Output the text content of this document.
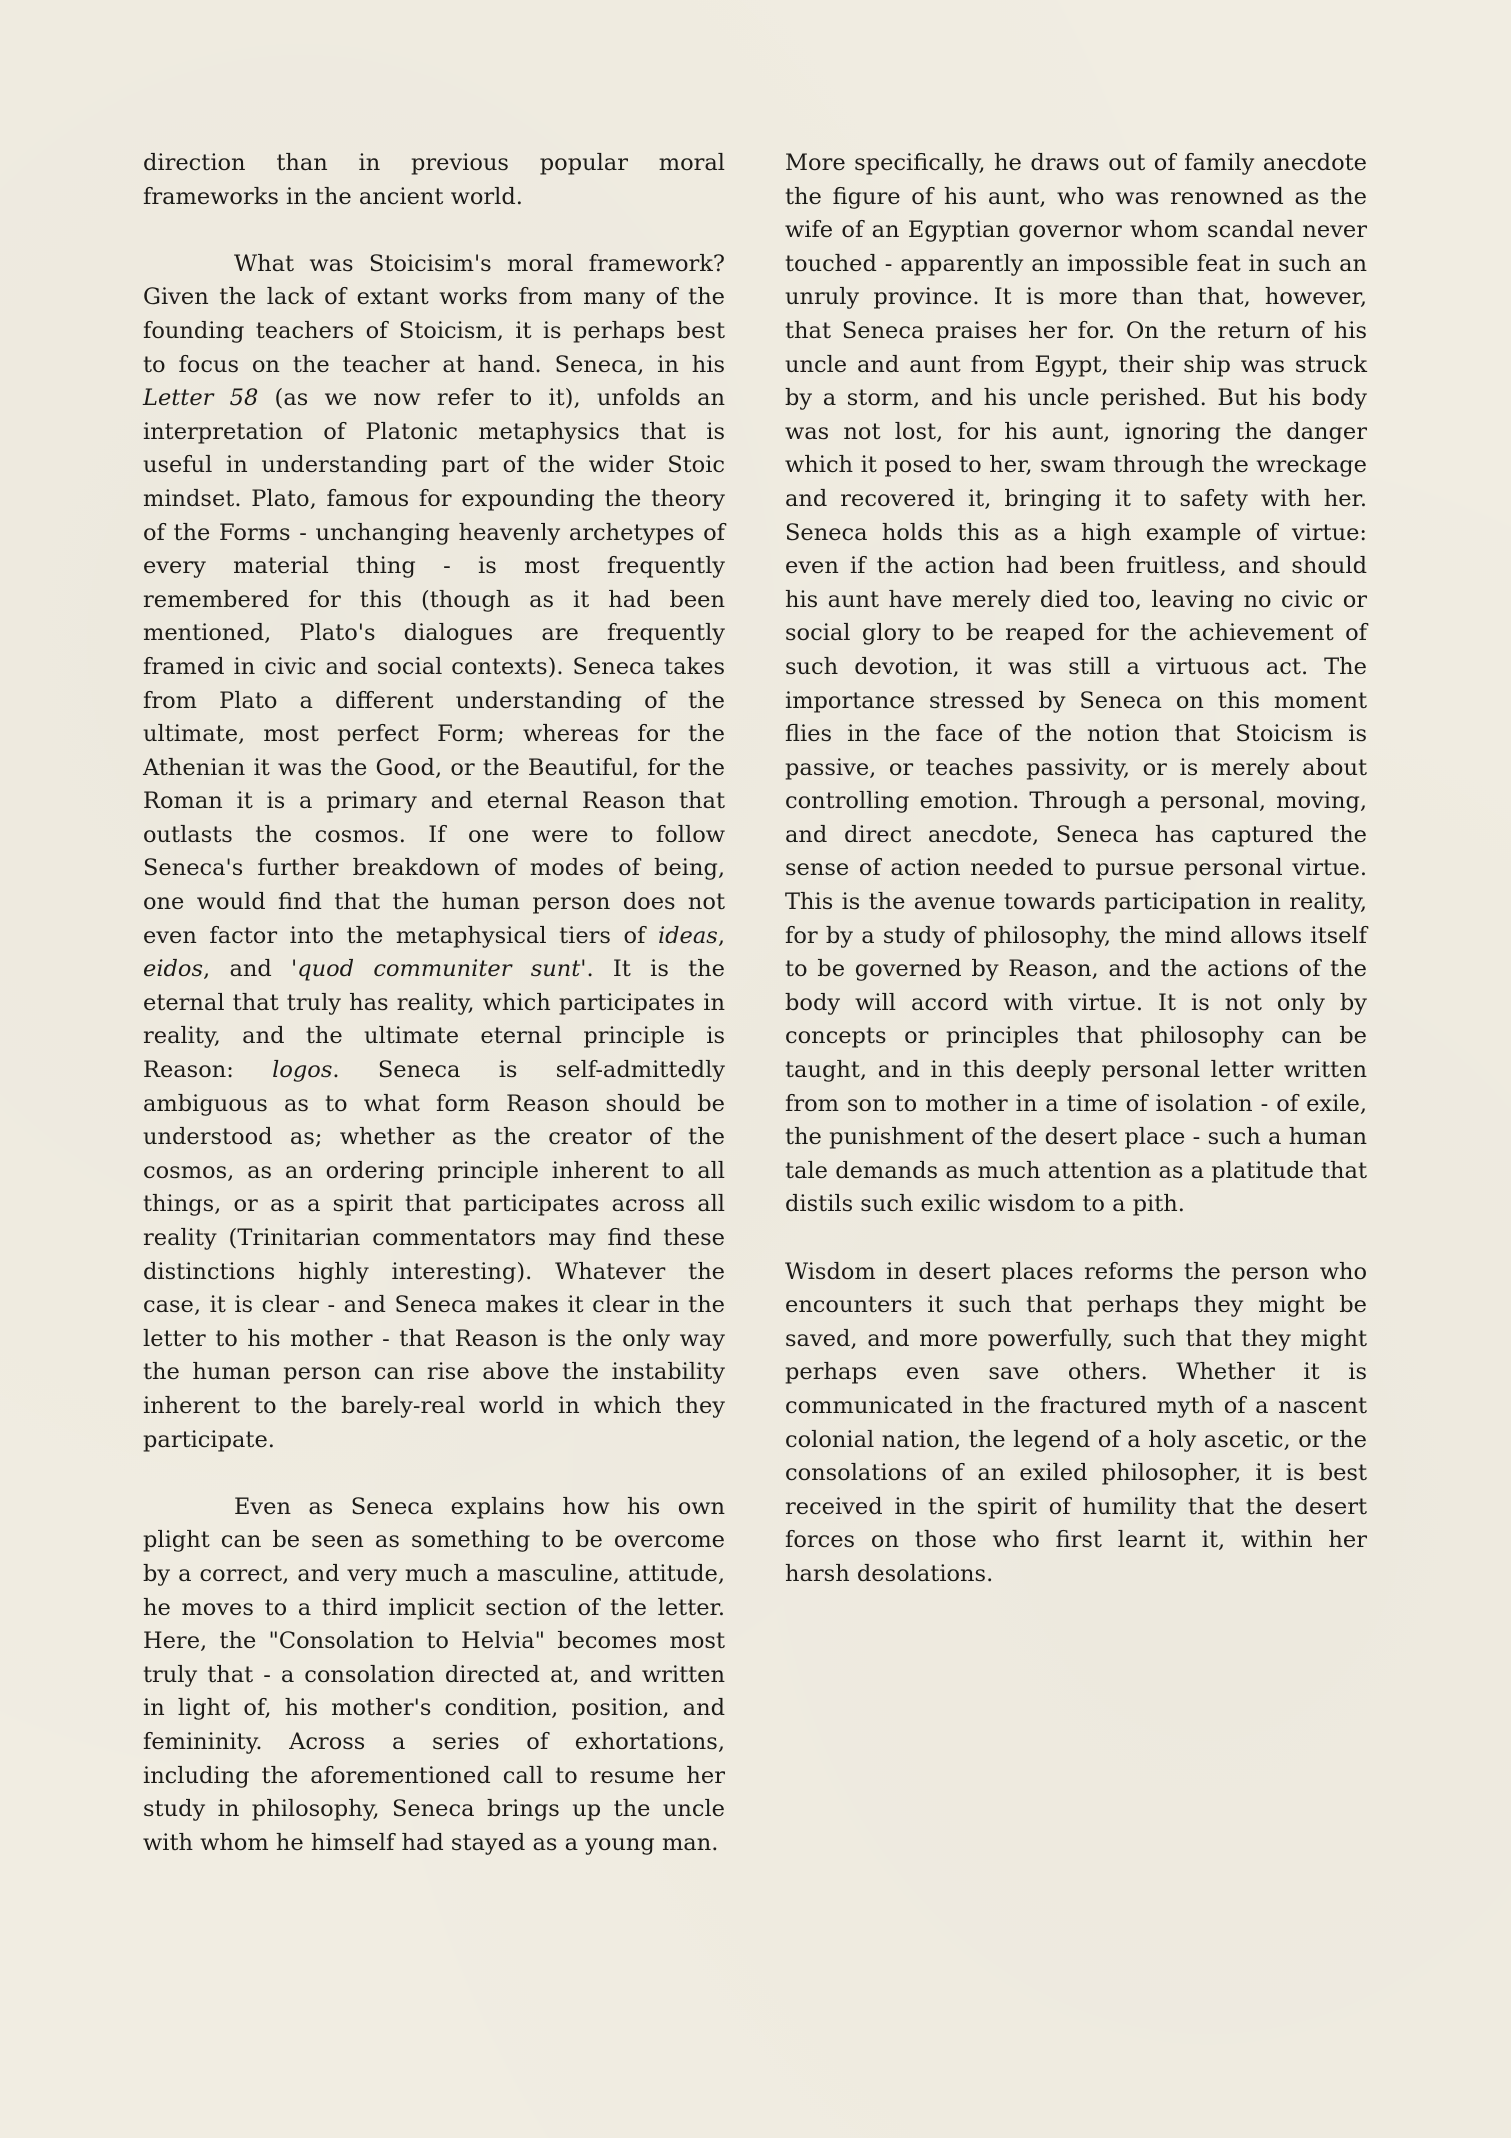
direction than in previous popular moral frameworks in the ancient world.

What was Stoicisim's moral framework? Given the lack of extant works from many of the founding teachers of Stoicism, it is perhaps best to focus on the teacher at hand. Seneca, in his Letter 58 (as we now refer to it), unfolds an interpretation of Platonic metaphysics that is useful in understanding part of the wider Stoic mindset. Plato, famous for expounding the theory of the Forms - unchanging heavenly archetypes of every material thing - is most frequently remembered for this (though as it had been mentioned, Plato's dialogues are frequently framed in civic and social contexts). Seneca takes from Plato a different understanding of the ultimate, most perfect Form; whereas for the Athenian it was the Good, or the Beautiful, for the Roman it is a primary and eternal Reason that outlasts the cosmos. If one were to follow Seneca's further breakdown of modes of being, one would find that the human person does not even factor into the metaphysical tiers of ideas, eidos, and 'quod communiter sunt'. It is the eternal that truly has reality, which participates in reality, and the ultimate eternal principle is Reason: logos. Seneca is self-admittedly ambiguous as to what form Reason should be understood as; whether as the creator of the cosmos, as an ordering principle inherent to all things, or as a spirit that participates across all reality (Trinitarian commentators may find these distinctions highly interesting). Whatever the case, it is clear - and Seneca makes it clear in the letter to his mother - that Reason is the only way the human person can rise above the instability inherent to the barely-real world in which they participate.

Even as Seneca explains how his own plight can be seen as something to be overcome by a correct, and very much a masculine, attitude, he moves to a third implicit section of the letter. Here, the "Consolation to Helvia" becomes most truly that - a consolation directed at, and written in light of, his mother's condition, position, and femininity. Across a series of exhortations, including the aforementioned call to resume her study in philosophy, Seneca brings up the uncle with whom he himself had stayed as a young man.

More specifically, he draws out of family anecdote the figure of his aunt, who was renowned as the wife of an Egyptian governor whom scandal never touched - apparently an impossible feat in such an unruly province. It is more than that, however, that Seneca praises her for. On the return of his uncle and aunt from Egypt, their ship was struck by a storm, and his uncle perished. But his body was not lost, for his aunt, ignoring the danger which it posed to her, swam through the wreckage and recovered it, bringing it to safety with her. Seneca holds this as a high example of virtue: even if the action had been fruitless, and should his aunt have merely died too, leaving no civic or social glory to be reaped for the achievement of such devotion, it was still a virtuous act. The importance stressed by Seneca on this moment flies in the face of the notion that Stoicism is passive, or teaches passivity, or is merely about controlling emotion. Through a personal, moving, and direct anecdote, Seneca has captured the sense of action needed to pursue personal virtue. This is the avenue towards participation in reality, for by a study of philosophy, the mind allows itself to be governed by Reason, and the actions of the body will accord with virtue. It is not only by concepts or principles that philosophy can be taught, and in this deeply personal letter written from son to mother in a time of isolation - of exile, the punishment of the desert place - such a human tale demands as much attention as a platitude that distils such exilic wisdom to a pith.

Wisdom in desert places reforms the person who encounters it such that perhaps they might be saved, and more powerfully, such that they might perhaps even save others. Whether it is communicated in the fractured myth of a nascent colonial nation, the legend of a holy ascetic, or the consolations of an exiled philosopher, it is best received in the spirit of humility that the desert forces on those who first learnt it, within her harsh desolations.
